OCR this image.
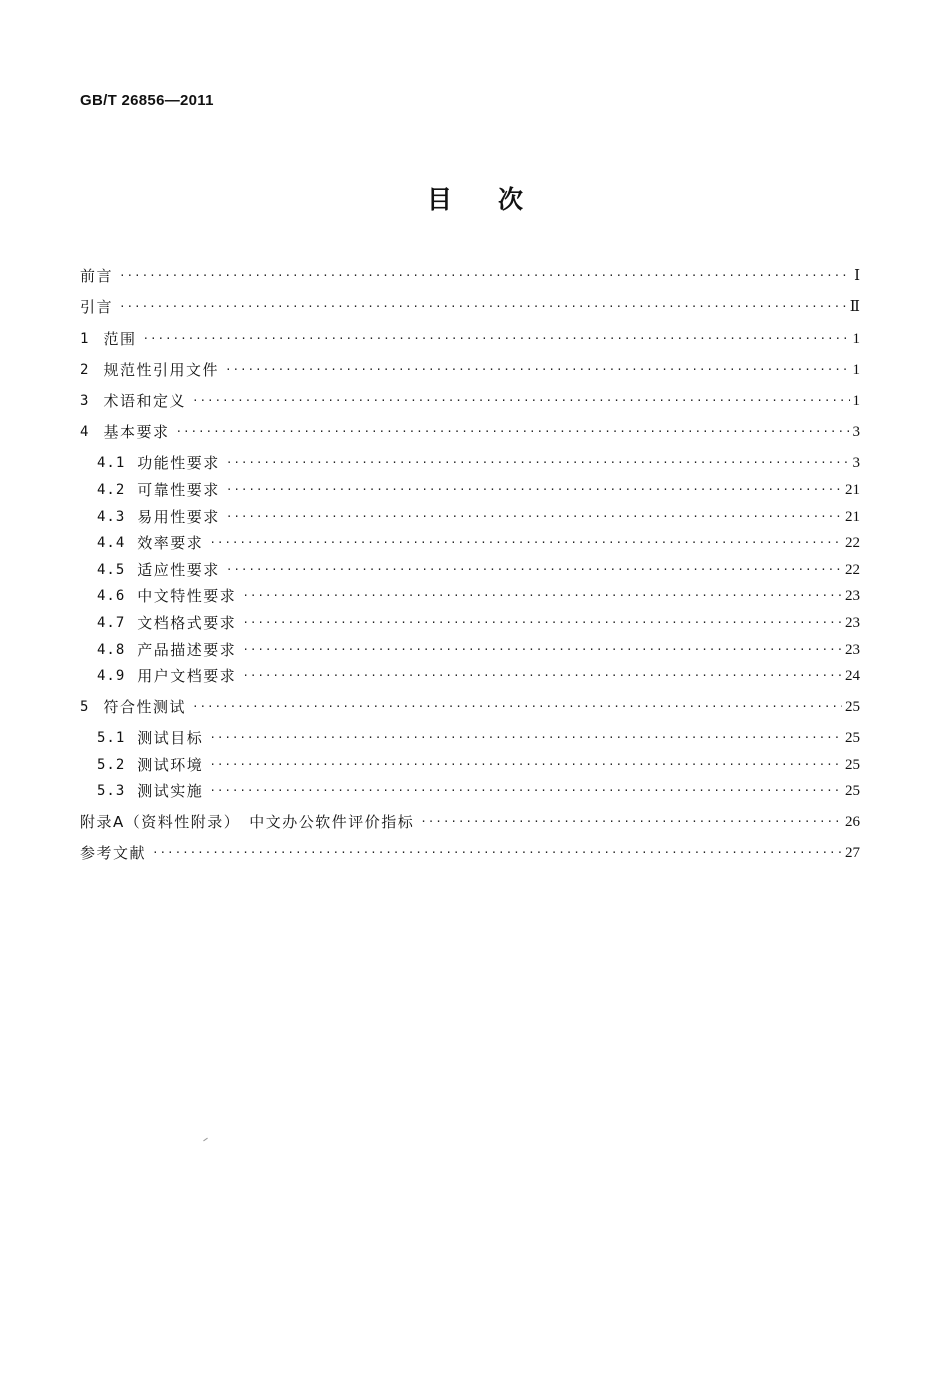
GB/T 26856—2011
目次
前言 ·····	Ⅰ
引言 ·····	Ⅱ
1 范围 ·····	1
2 规范性引用文件 ·····	1
3 术语和定义 ·····	1
4 基本要求 ·····	3
4.1 功能性要求 ·····	3
4.2 可靠性要求 ·····	21
4.3 易用性要求 ·····	21
4.4 效率要求 ·····	22
4.5 适应性要求 ·····	22
4.6 中文特性要求 ·····	23
4.7 文档格式要求 ·····	23
4.8 产品描述要求 ·····	23
4.9 用户文档要求 ·····	24
5 符合性测试 ·····	25
5.1 测试目标 ·····	25
5.2 测试环境 ·····	25
5.3 测试实施 ·····	25
附录A（资料性附录）　中文办公软件评价指标 ·····	26
参考文献 ·····	27
